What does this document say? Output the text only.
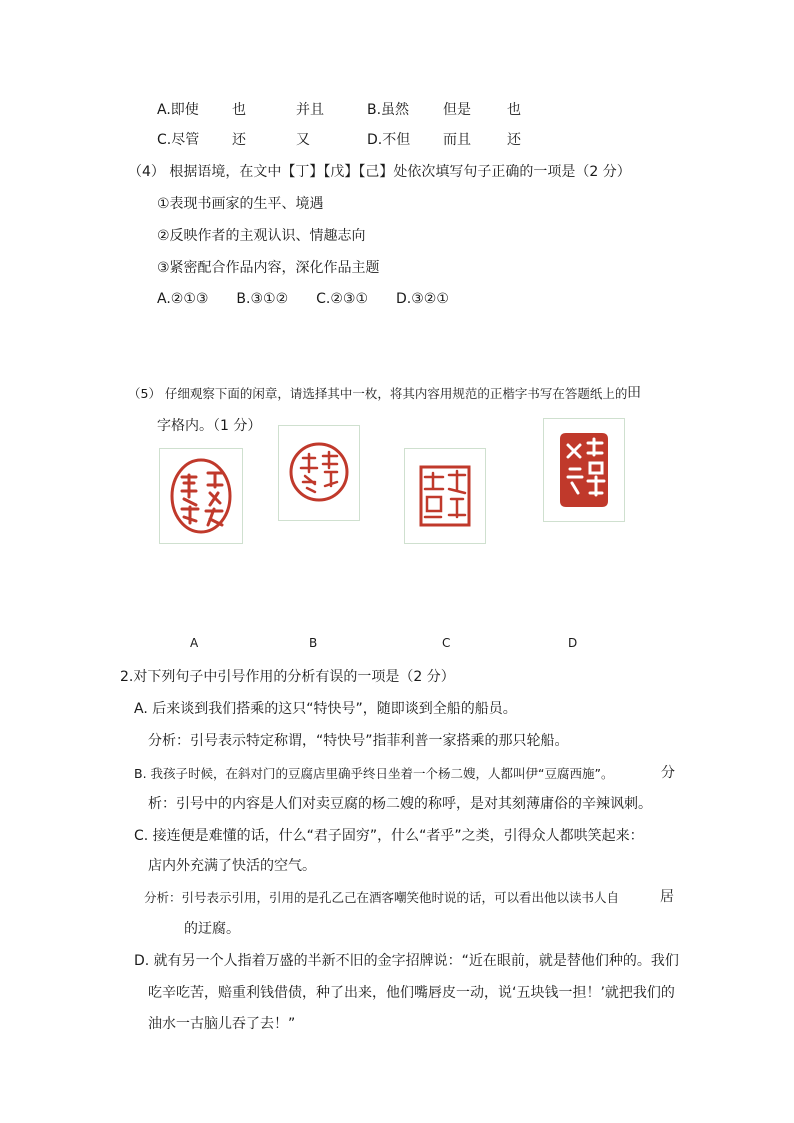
A.即使 也	并且	B.虽然 但是	也
C.尽管 还	又	D.不但 而且	还
（4） 根据语境，在文中【丁】【戊】【己】处依次填写句子正确的一项是（2 分）
①表现书画家的生平、境遇
②反映作者的主观认识、情趣志向
③紧密配合作品内容，深化作品主题
A.②①③　　B.③①②　　C.②③①　　D.③②①
（5） 仔细观察下面的闲章，请选择其中一枚，将其内容用规范的正楷字书写在答题纸上的 田
字格内。（1 分）
A	B	C	D
2.对下列句子中引号作用的分析有误的一项是（2 分）
A. 后来谈到我们搭乘的这只“特快号”，随即谈到全船的船员。
分析：引号表示特定称谓，“特快号”指菲利普一家搭乘的那只轮船。
B. 我孩子时候，在斜对门的豆腐店里确乎终日坐着一个杨二嫂，人都叫伊“豆腐西施”。	分
析：引号中的内容是人们对卖豆腐的杨二嫂的称呼，是对其刻薄庸俗的辛辣讽刺。
C. 接连便是难懂的话，什么“君子固穷”，什么“者乎”之类，引得众人都哄笑起来：
店内外充满了快活的空气。
分析：引号表示引用，引用的是孔乙己在酒客嘲笑他时说的话，可以看出他以读书人自	居
的迂腐。
D. 就有另一个人指着万盛的半新不旧的金字招牌说：“近在眼前，就是替他们种的。我们
吃辛吃苦，赔重利钱借债，种了出来，他们嘴唇皮一动，说‘五块钱一担！’就把我们的
油水一古脑儿吞了去！”
